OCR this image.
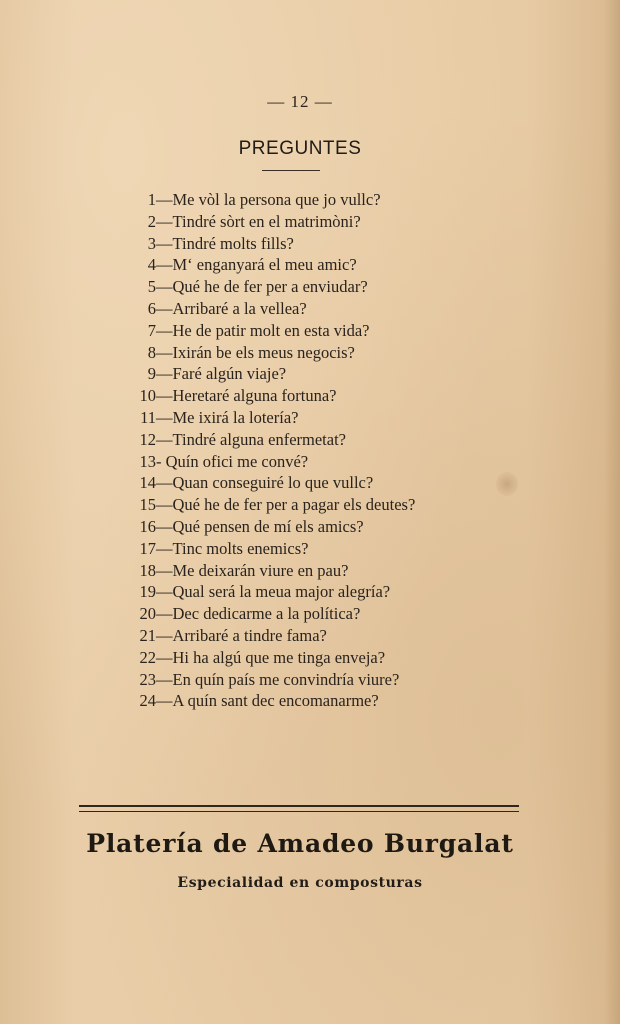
— 12 —
PREGUNTES
1 —Me vòl la persona que jo vullc?
2 —Tindré sòrt en el matrimòni?
3 —Tindré molts fills?
4 —M‘ enganyará el meu amic?
5 —Qué he de fer per a enviudar?
6 —Arribaré a la vellea?
7 —He de patir molt en esta vida?
8 —Ixirán be els meus negocis?
9 —Faré algún viaje?
10 —Heretaré alguna fortuna?
11 —Me ixirá la lotería?
12 —Tindré alguna enfermetat?
13 - Quín ofici me convé?
14 —Quan conseguiré lo que vullc?
15 —Qué he de fer per a pagar els deutes?
16 —Qué pensen de mí els amics?
17 —Tinc molts enemics?
18 —Me deixarán viure en pau?
19 —Qual será la meua major alegría?
20 —Dec dedicarme a la política?
21 —Arribaré a tindre fama?
22 —Hi ha algú que me tinga enveja?
23 —En quín país me convindría viure?
24 —A quín sant dec encomanarme?
Platería de Amadeo Burgalat
Especialidad en composturas
